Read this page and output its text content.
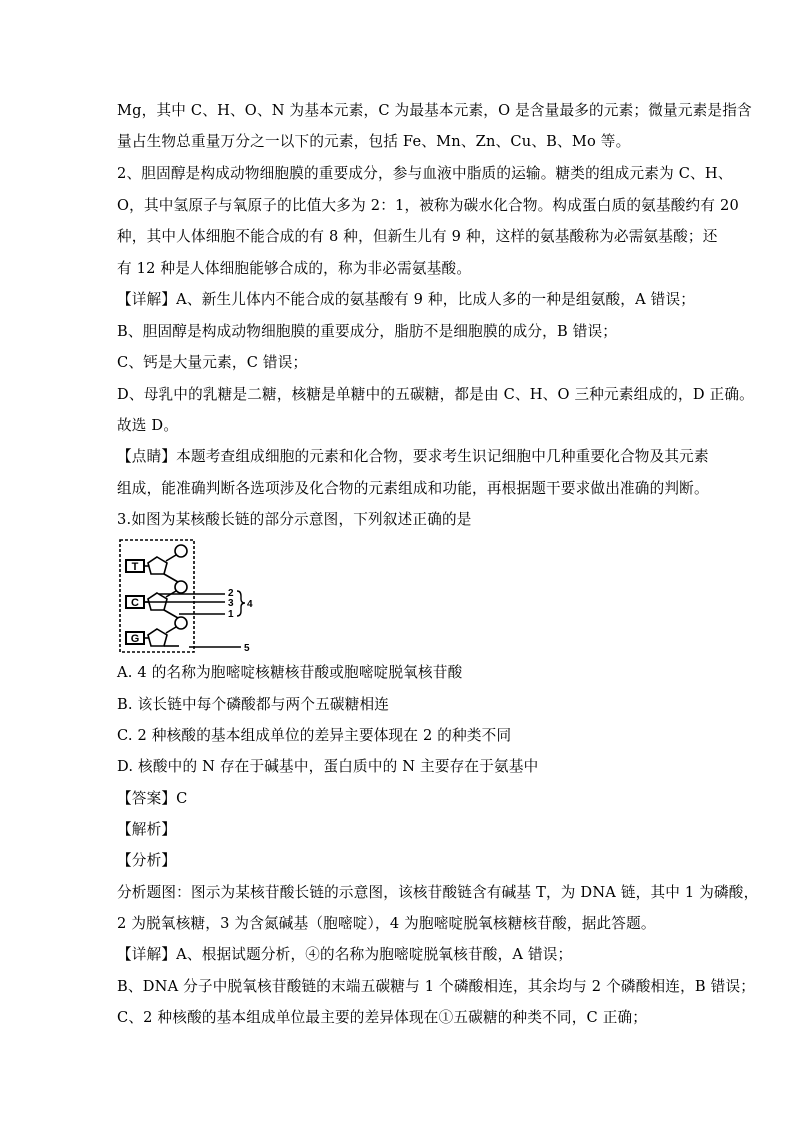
Mg，其中 C、H、O、N 为基本元素，C 为最基本元素，O 是含量最多的元素；微量元素是指含
量占生物总重量万分之一以下的元素，包括 Fe、Mn、Zn、Cu、B、Mo 等。
2、胆固醇是构成动物细胞膜的重要成分，参与血液中脂质的运输。糖类的组成元素为 C、H、
O，其中氢原子与氧原子的比值大多为 2：1，被称为碳水化合物。构成蛋白质的氨基酸约有 20
种，其中人体细胞不能合成的有 8 种，但新生儿有 9 种，这样的氨基酸称为必需氨基酸；还
有 12 种是人体细胞能够合成的，称为非必需氨基酸。
【详解】A、新生儿体内不能合成的氨基酸有 9 种，比成人多的一种是组氨酸，A 错误；
B、胆固醇是构成动物细胞膜的重要成分，脂肪不是细胞膜的成分，B 错误；
C、钙是大量元素，C 错误；
D、母乳中的乳糖是二糖，核糖是单糖中的五碳糖，都是由 C、H、O 三种元素组成的，D 正确。
故选 D。
【点睛】本题考查组成细胞的元素和化合物，要求考生识记细胞中几种重要化合物及其元素
组成，能准确判断各选项涉及化合物的元素组成和功能，再根据题干要求做出准确的判断。
3.如图为某核酸长链的部分示意图，下列叙述正确的是
T
C
G
2
3
1
4
5
A. 4 的名称为胞嘧啶核糖核苷酸或胞嘧啶脱氧核苷酸
B. 该长链中每个磷酸都与两个五碳糖相连
C. 2 种核酸的基本组成单位的差异主要体现在 2 的种类不同
D. 核酸中的 N 存在于碱基中，蛋白质中的 N 主要存在于氨基中
【答案】C
【解析】
【分析】
分析题图：图示为某核苷酸长链的示意图，该核苷酸链含有碱基 T，为 DNA 链，其中 1 为磷酸，
2 为脱氧核糖，3 为含氮碱基（胞嘧啶），4 为胞嘧啶脱氧核糖核苷酸，据此答题。
【详解】A、根据试题分析，④的名称为胞嘧啶脱氧核苷酸，A 错误；
B、DNA 分子中脱氧核苷酸链的末端五碳糖与 1 个磷酸相连，其余均与 2 个磷酸相连，B 错误；
C、2 种核酸的基本组成单位最主要的差异体现在①五碳糖的种类不同，C 正确；
